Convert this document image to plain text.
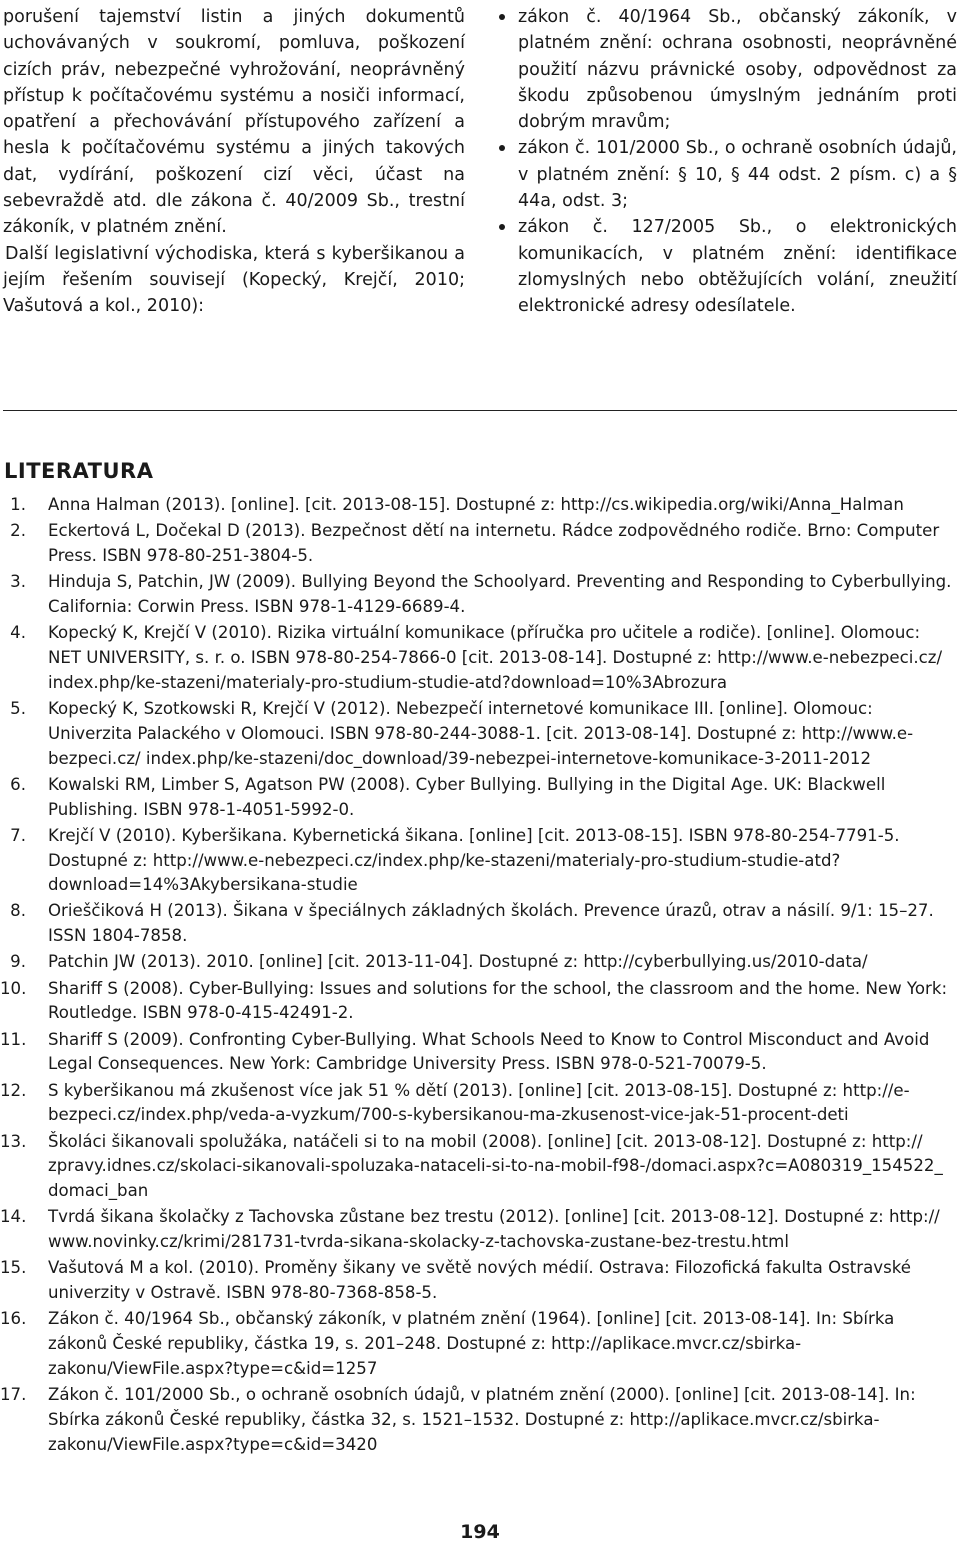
porušení tajemství listin a jiných dokumentů uchovávaných v soukromí, pomluva, poškození cizích práv, nebezpečné vyhrožování, neoprávněný přístup k počítačovému systému a nosiči informací, opatření a přechovávání přístupového zařízení a hesla k počítačovému systému a jiných takových dat, vydírání, poškození cizí věci, účast na sebevraždě atd. dle zákona č. 40/2009 Sb., trestní zákoník, v platném znění.

Další legislativní východiska, která s kyberšikanou a jejím řešením souvisejí (Kopecký, Krejčí, 2010; Vašutová a kol., 2010):

zákon č. 40/1964 Sb., občanský zákoník, v platném znění: ochrana osobnosti, neoprávněné použití názvu právnické osoby, odpovědnost za škodu způsobenou úmyslným jednáním proti dobrým mravům;
zákon č. 101/2000 Sb., o ochraně osobních údajů, v platném znění: § 10, § 44 odst. 2 písm. c) a § 44a, odst. 3;
zákon č. 127/2005 Sb., o elektronických komunikacích, v platném znění: identifikace zlomyslných nebo obtěžujících volání, zneužití elektronické adresy odesílatele.
LITERATURA
1. Anna Halman (2013). [online]. [cit. 2013-08-15]. Dostupné z: http://cs.wikipedia.org/wiki/Anna_Halman
2. Eckertová L, Dočekal D (2013). Bezpečnost dětí na internetu. Rádce zodpovědného rodiče. Brno: Computer Press. ISBN 978-80-251-3804-5.
3. Hinduja S, Patchin, JW (2009). Bullying Beyond the Schoolyard. Preventing and Responding to Cyberbullying. California: Corwin Press. ISBN 978-1-4129-6689-4.
4. Kopecký K, Krejčí V (2010). Rizika virtuální komunikace (příručka pro učitele a rodiče). [online]. Olomouc: NET UNIVERSITY, s. r. o. ISBN 978-80-254-7866-0 [cit. 2013-08-14]. Dostupné z: http://www.e-nebezpeci.cz/ index.php/ke-stazeni/materialy-pro-studium-studie-atd?download=10%3Abrozura
5. Kopecký K, Szotkowski R, Krejčí V (2012). Nebezpečí internetové komunikace III. [online]. Olomouc: Univerzita Palackého v Olomouci. ISBN 978-80-244-3088-1. [cit. 2013-08-14]. Dostupné z: http://www.e-bezpeci.cz/ index.php/ke-stazeni/doc_download/39-nebezpei-internetove-komunikace-3-2011-2012
6. Kowalski RM, Limber S, Agatson PW (2008). Cyber Bullying. Bullying in the Digital Age. UK: Blackwell Publishing. ISBN 978-1-4051-5992-0.
7. Krejčí V (2010). Kyberšikana. Kybernetická šikana. [online] [cit. 2013-08-15]. ISBN 978-80-254-7791-5. Dostupné z: http://www.e-nebezpeci.cz/index.php/ke-stazeni/materialy-pro-studium-studie-atd?download=14%3Akybersikana-studie
8. Orieščiková H (2013). Šikana v špeciálnych základných školách. Prevence úrazů, otrav a násilí. 9/1: 15–27. ISSN 1804-7858.
9. Patchin JW (2013). 2010. [online] [cit. 2013-11-04]. Dostupné z: http://cyberbullying.us/2010-data/
10. Shariff S (2008). Cyber-Bullying: Issues and solutions for the school, the classroom and the home. New York: Routledge. ISBN 978-0-415-42491-2.
11. Shariff S (2009). Confronting Cyber-Bullying. What Schools Need to Know to Control Misconduct and Avoid Legal Consequences. New York: Cambridge University Press. ISBN 978-0-521-70079-5.
12. S kyberšikanou má zkušenost více jak 51 % dětí (2013). [online] [cit. 2013-08-15]. Dostupné z: http://e-bezpeci.cz/index.php/veda-a-vyzkum/700-s-kybersikanou-ma-zkusenost-vice-jak-51-procent-deti
13. Školáci šikanovali spolužáka, natáčeli si to na mobil (2008). [online] [cit. 2013-08-12]. Dostupné z: http:// zpravy.idnes.cz/skolaci-sikanovali-spoluzaka-nataceli-si-to-na-mobil-f98-/domaci.aspx?c=A080319_154522_ domaci_ban
14. Tvrdá šikana školačky z Tachovska zůstane bez trestu (2012). [online] [cit. 2013-08-12]. Dostupné z: http:// www.novinky.cz/krimi/281731-tvrda-sikana-skolacky-z-tachovska-zustane-bez-trestu.html
15. Vašutová M a kol. (2010). Proměny šikany ve světě nových médií. Ostrava: Filozofická fakulta Ostravské univerzity v Ostravě. ISBN 978-80-7368-858-5.
16. Zákon č. 40/1964 Sb., občanský zákoník, v platném znění (1964). [online] [cit. 2013-08-14]. In: Sbírka zákonů České republiky, částka 19, s. 201–248. Dostupné z: http://aplikace.mvcr.cz/sbirka-zakonu/ViewFile.aspx?type=c&id=1257
17. Zákon č. 101/2000 Sb., o ochraně osobních údajů, v platném znění (2000). [online] [cit. 2013-08-14]. In: Sbírka zákonů České republiky, částka 32, s. 1521–1532. Dostupné z: http://aplikace.mvcr.cz/sbirka-zakonu/ViewFile.aspx?type=c&id=3420
194
